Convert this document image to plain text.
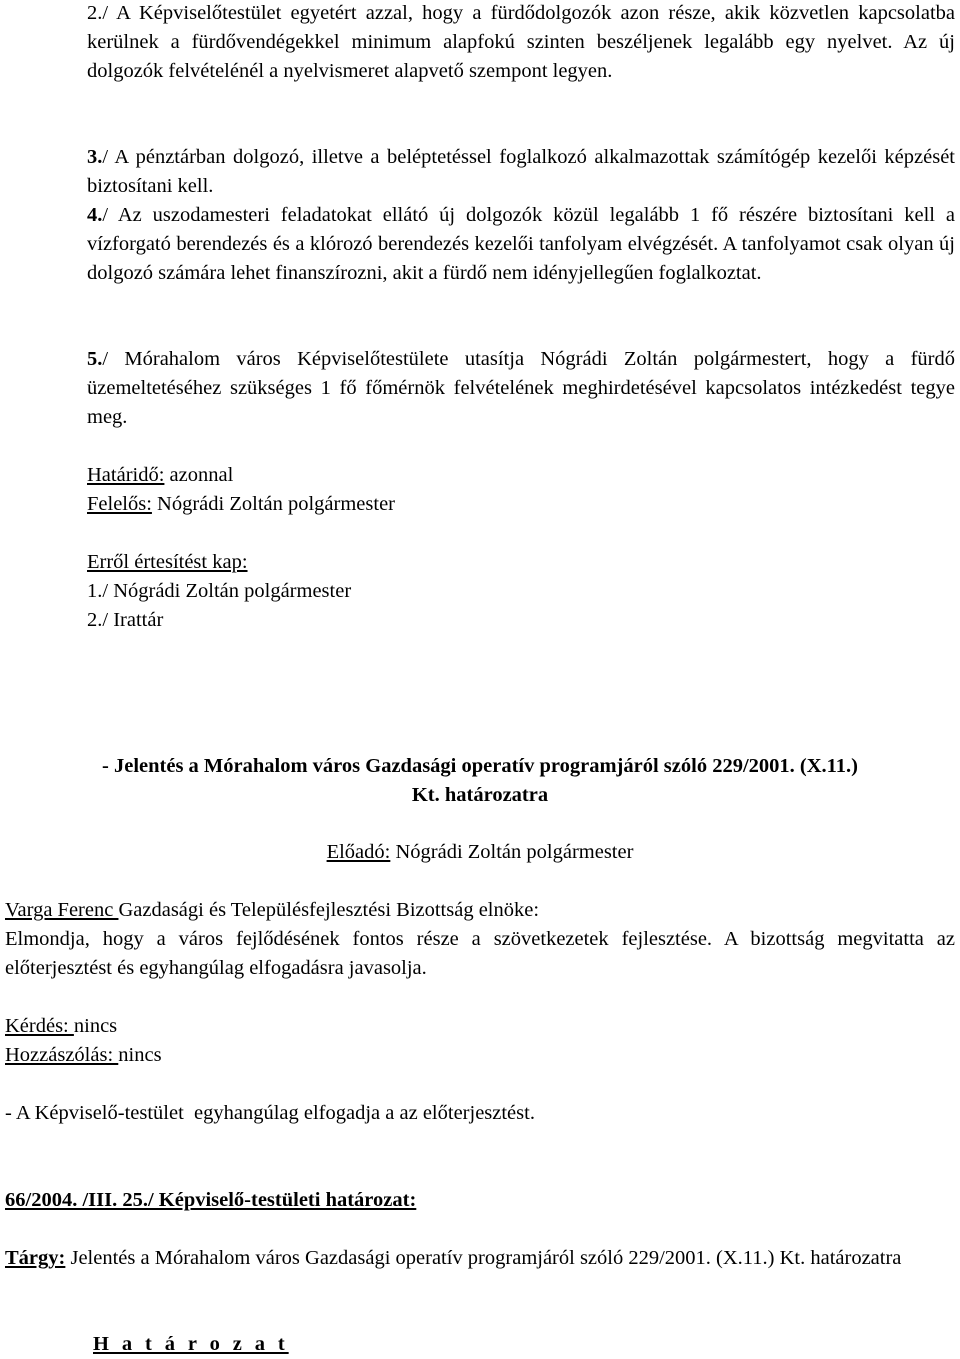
2./ A Képviselőtestület egyetért azzal, hogy a fürdődolgozók azon része, akik közvetlen kapcsolatba kerülnek a fürdővendégekkel minimum alapfokú szinten beszéljenek legalább egy nyelvet. Az új dolgozók felvételénél a nyelvismeret alapvető szempont legyen.
3./ A pénztárban dolgozó, illetve a beléptetéssel foglalkozó alkalmazottak számítógép kezelői képzését biztosítani kell.
4./ Az uszodamesteri feladatokat ellátó új dolgozók közül legalább 1 fő részére biztosítani kell a vízforgató berendezés és a klórozó berendezés kezelői tanfolyam elvégzését. A tanfolyamot csak olyan új dolgozó számára lehet finanszírozni, akit a fürdő nem idényjellegűen foglalkoztat.
5./ Mórahalom város Képviselőtestülete utasítja Nógrádi Zoltán polgármestert, hogy a fürdő üzemeltetéséhez szükséges 1 fő főmérnök felvételének meghirdetésével kapcsolatos intézkedést tegye meg.
Határidő: azonnal
Felelős: Nógrádi Zoltán polgármester
Erről értesítést kap:
1./ Nógrádi Zoltán polgármester
2./ Irattár
- Jelentés a Mórahalom város Gazdasági operatív programjáról szóló 229/2001. (X.11.)
Kt. határozatra
Előadó: Nógrádi Zoltán polgármester
Varga Ferenc Gazdasági és Településfejlesztési Bizottság elnöke:
Elmondja, hogy a város fejlődésének fontos része a szövetkezetek fejlesztése. A bizottság megvitatta az előterjesztést és egyhangúlag elfogadásra javasolja.
Kérdés: nincs
Hozzászólás: nincs
- A Képviselő-testület  egyhangúlag elfogadja a az előterjesztést.
66/2004. /III. 25./ Képviselő-testületi határozat:
Tárgy: Jelentés a Mórahalom város Gazdasági operatív programjáról szóló 229/2001. (X.11.) Kt. határozatra
H a t á r o z a t
